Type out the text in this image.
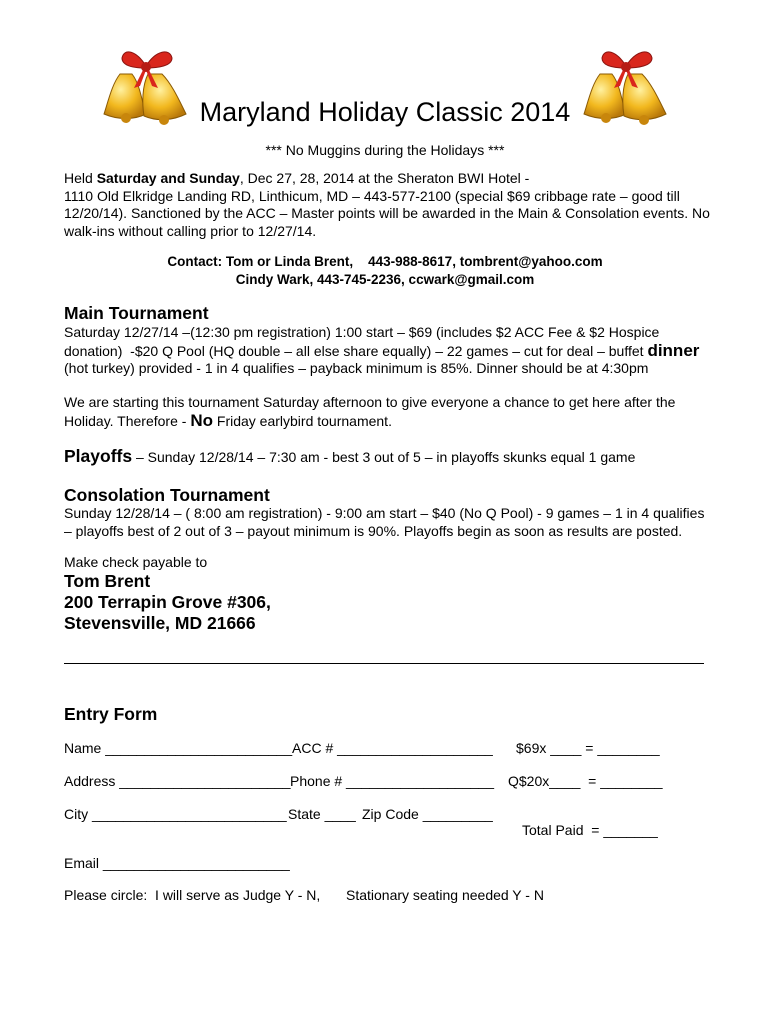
Maryland Holiday Classic 2014
*** No Muggins during the Holidays ***
Held Saturday and Sunday, Dec 27, 28, 2014 at the Sheraton BWI Hotel -
1110 Old Elkridge Landing RD, Linthicum, MD – 443-577-2100 (special $69 cribbage rate – good till
12/20/14). Sanctioned by the ACC – Master points will be awarded in the Main & Consolation events. No
walk-ins without calling prior to 12/27/14.
Contact: Tom or Linda Brent,    443-988-8617, tombrent@yahoo.com
Cindy Wark, 443-745-2236, ccwark@gmail.com
Main Tournament
Saturday 12/27/14 –(12:30 pm registration) 1:00 start – $69 (includes $2 ACC Fee & $2 Hospice
donation)  -$20 Q Pool (HQ double – all else share equally) – 22 games – cut for deal – buffet dinner
(hot turkey) provided - 1 in 4 qualifies – payback minimum is 85%. Dinner should be at 4:30pm
We are starting this tournament Saturday afternoon to give everyone a chance to get here after the
Holiday. Therefore - No Friday earlybird tournament.
Playoffs – Sunday 12/28/14 – 7:30 am - best 3 out of 5 – in playoffs skunks equal 1 game
Consolation Tournament
Sunday 12/28/14 – ( 8:00 am registration) - 9:00 am start – $40 (No Q Pool) - 9 games – 1 in 4 qualifies
– playoffs best of 2 out of 3 – payout minimum is 90%. Playoffs begin as soon as results are posted.
Make check payable to
Tom Brent
200 Terrapin Grove #306,
Stevensville, MD 21666
Entry Form
Name ________________________ ACC # ____________________ $69x ____ = ________
Address ______________________ Phone # ___________________ Q$20x____  = ________
City _________________________ State ____ Zip Code _________
Total Paid  = _______
Email ________________________
Please circle:  I will serve as Judge Y - N, Stationary seating needed Y - N
